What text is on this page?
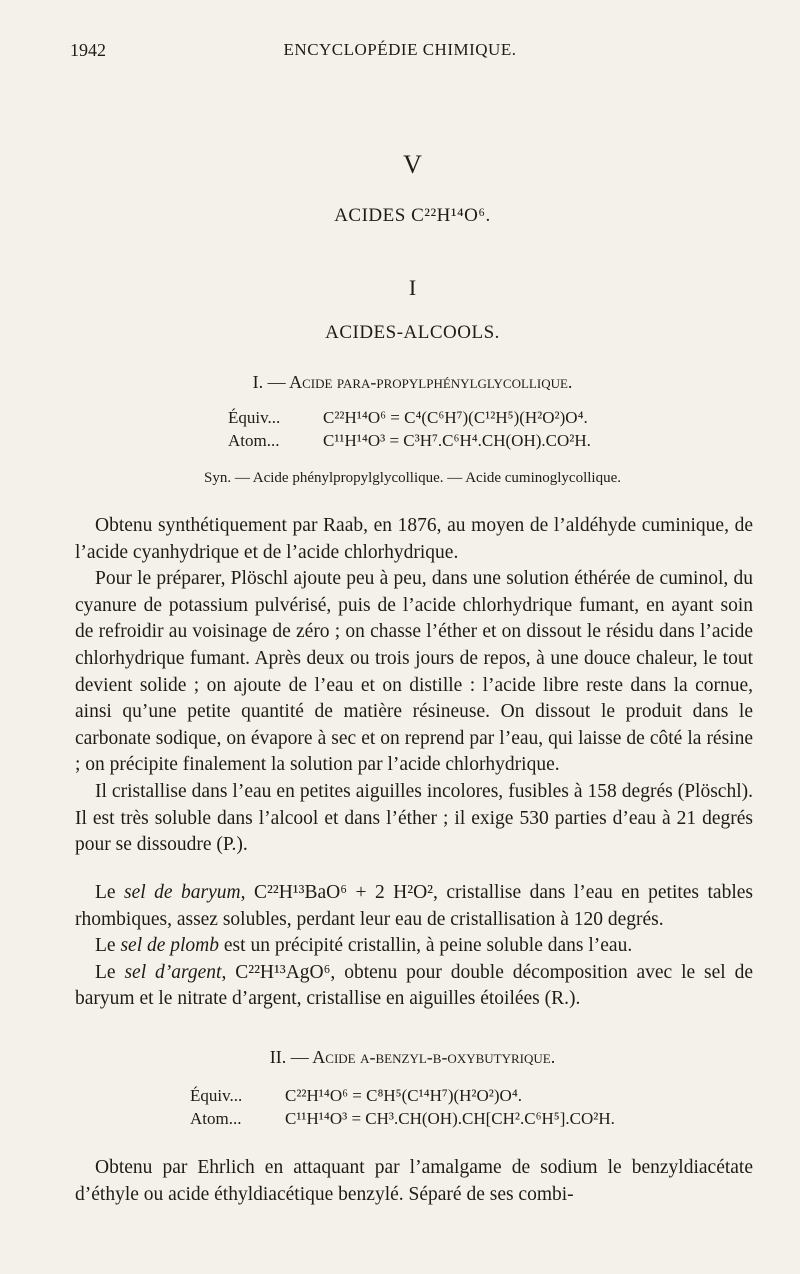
1942	ENCYCLOPÉDIE CHIMIQUE.
V
ACIDES C²²H¹⁴O⁶.
I
ACIDES-ALCOOLS.
I. — Acide para-propylphénylglycollique.
Équiv...	C²²H¹⁴O⁶ = C⁴(C⁶H⁷)(C¹²H⁵)(H²O²)O⁴.
Atom...	C¹¹H¹⁴O³ = C³H⁷.C⁶H⁴.CH(OH).CO²H.
Syn. — Acide phénylpropylglycollique. — Acide cuminoglycollique.

Obtenu synthétiquement par Raab, en 1876, au moyen de l’aldéhyde cuminique, de l’acide cyanhydrique et de l’acide chlorhydrique.

Pour le préparer, Plöschl ajoute peu à peu, dans une solution éthérée de cuminol, du cyanure de potassium pulvérisé, puis de l’acide chlorhydrique fumant, en ayant soin de refroidir au voisinage de zéro ; on chasse l’éther et on dissout le résidu dans l’acide chlorhydrique fumant. Après deux ou trois jours de repos, à une douce chaleur, le tout devient solide ; on ajoute de l’eau et on distille : l’acide libre reste dans la cornue, ainsi qu’une petite quantité de matière résineuse. On dissout le produit dans le carbonate sodique, on évapore à sec et on reprend par l’eau, qui laisse de côté la résine ; on précipite finalement la solution par l’acide chlorhydrique.

Il cristallise dans l’eau en petites aiguilles incolores, fusibles à 158 degrés (Plöschl). Il est très soluble dans l’alcool et dans l’éther ; il exige 530 parties d’eau à 21 degrés pour se dissoudre (P.).

Le sel de baryum, C²²H¹³BaO⁶ + 2 H²O², cristallise dans l’eau en petites tables rhombiques, assez solubles, perdant leur eau de cristallisation à 120 degrés.

Le sel de plomb est un précipité cristallin, à peine soluble dans l’eau.

Le sel d’argent, C²²H¹³AgO⁶, obtenu pour double décomposition avec le sel de baryum et le nitrate d’argent, cristallise en aiguilles étoilées (R.).

II. — Acide α-benzyl-β-oxybutyrique.
Équiv...	C²²H¹⁴O⁶ = C⁸H⁵(C¹⁴H⁷)(H²O²)O⁴.
Atom...	C¹¹H¹⁴O³ = CH³.CH(OH).CH[CH².C⁶H⁵].CO²H.

Obtenu par Ehrlich en attaquant par l’amalgame de sodium le benzyldiacétate d’éthyle ou acide éthyldiacétique benzylé. Séparé de ses combi-
